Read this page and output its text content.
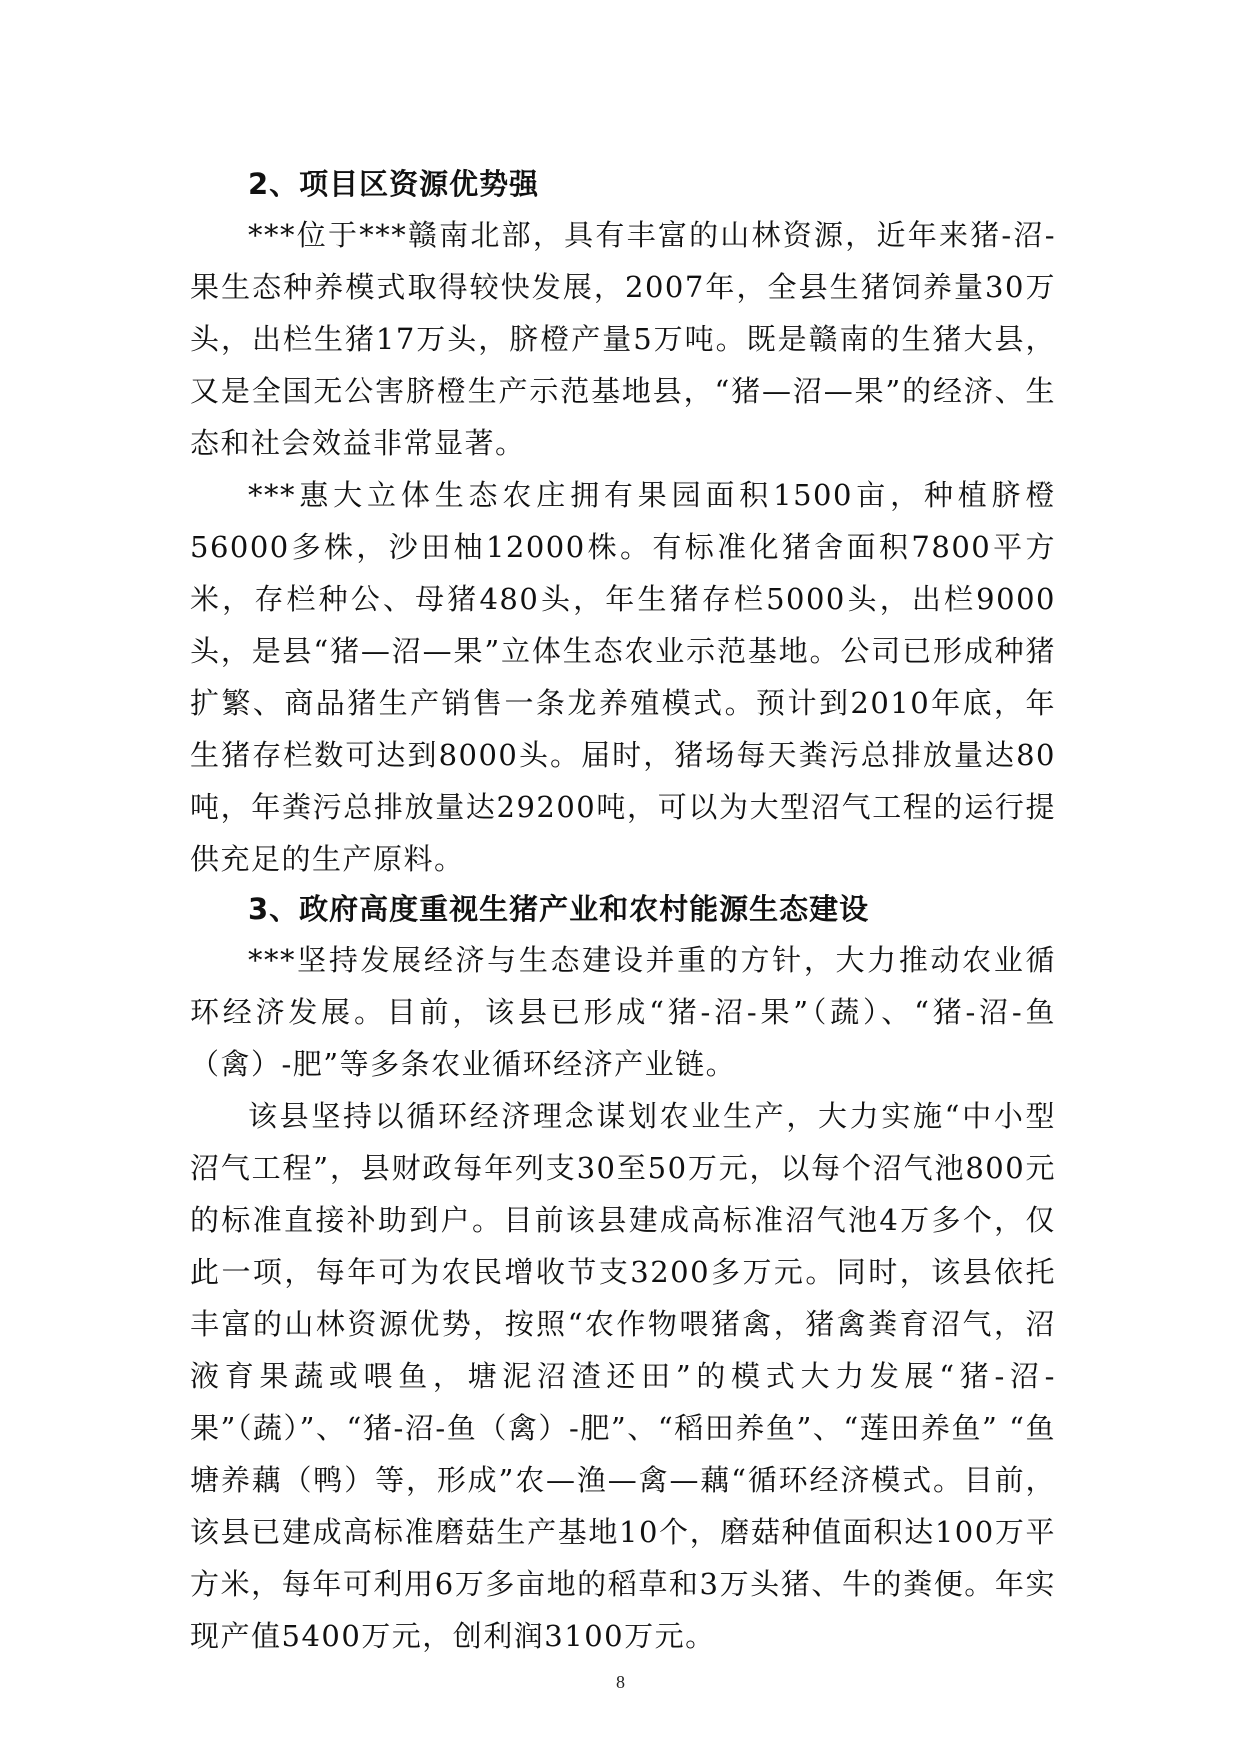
2、项目区资源优势强

***位于***赣南北部，具有丰富的山林资源，近年来猪-沼-果生态种养模式取得较快发展，2007年，全县生猪饲养量30万头，出栏生猪17万头，脐橙产量5万吨。既是赣南的生猪大县，又是全国无公害脐橙生产示范基地县，“猪—沼—果”的经济、生态和社会效益非常显著。

***惠大立体生态农庄拥有果园面积1500亩，种植脐橙56000多株，沙田柚12000株。有标准化猪舍面积7800平方米，存栏种公、母猪480头，年生猪存栏5000头，出栏9000头，是县“猪—沼—果”立体生态农业示范基地。公司已形成种猪扩繁、商品猪生产销售一条龙养殖模式。预计到2010年底，年生猪存栏数可达到8000头。届时，猪场每天粪污总排放量达80吨，年粪污总排放量达29200吨，可以为大型沼气工程的运行提供充足的生产原料。

3、政府高度重视生猪产业和农村能源生态建设

***坚持发展经济与生态建设并重的方针，大力推动农业循环经济发展。目前，该县已形成“猪-沼-果”（蔬）、“猪-沼-鱼（禽）-肥”等多条农业循环经济产业链。

该县坚持以循环经济理念谋划农业生产，大力实施“中小型沼气工程”，县财政每年列支30至50万元，以每个沼气池800元的标准直接补助到户。目前该县建成高标准沼气池4万多个，仅此一项，每年可为农民增收节支3200多万元。同时，该县依托丰富的山林资源优势，按照“农作物喂猪禽，猪禽粪育沼气，沼液育果蔬或喂鱼，塘泥沼渣还田”的模式大力发展“猪-沼-果”（蔬）”、“猪-沼-鱼（禽）-肥”、“稻田养鱼”、“莲田养鱼” “鱼塘养藕（鸭）等，形成”农—渔—禽—藕“循环经济模式。目前，该县已建成高标准磨菇生产基地10个，磨菇种值面积达100万平方米，每年可利用6万多亩地的稻草和3万头猪、牛的粪便。年实现产值5400万元，创利润3100万元。

8
